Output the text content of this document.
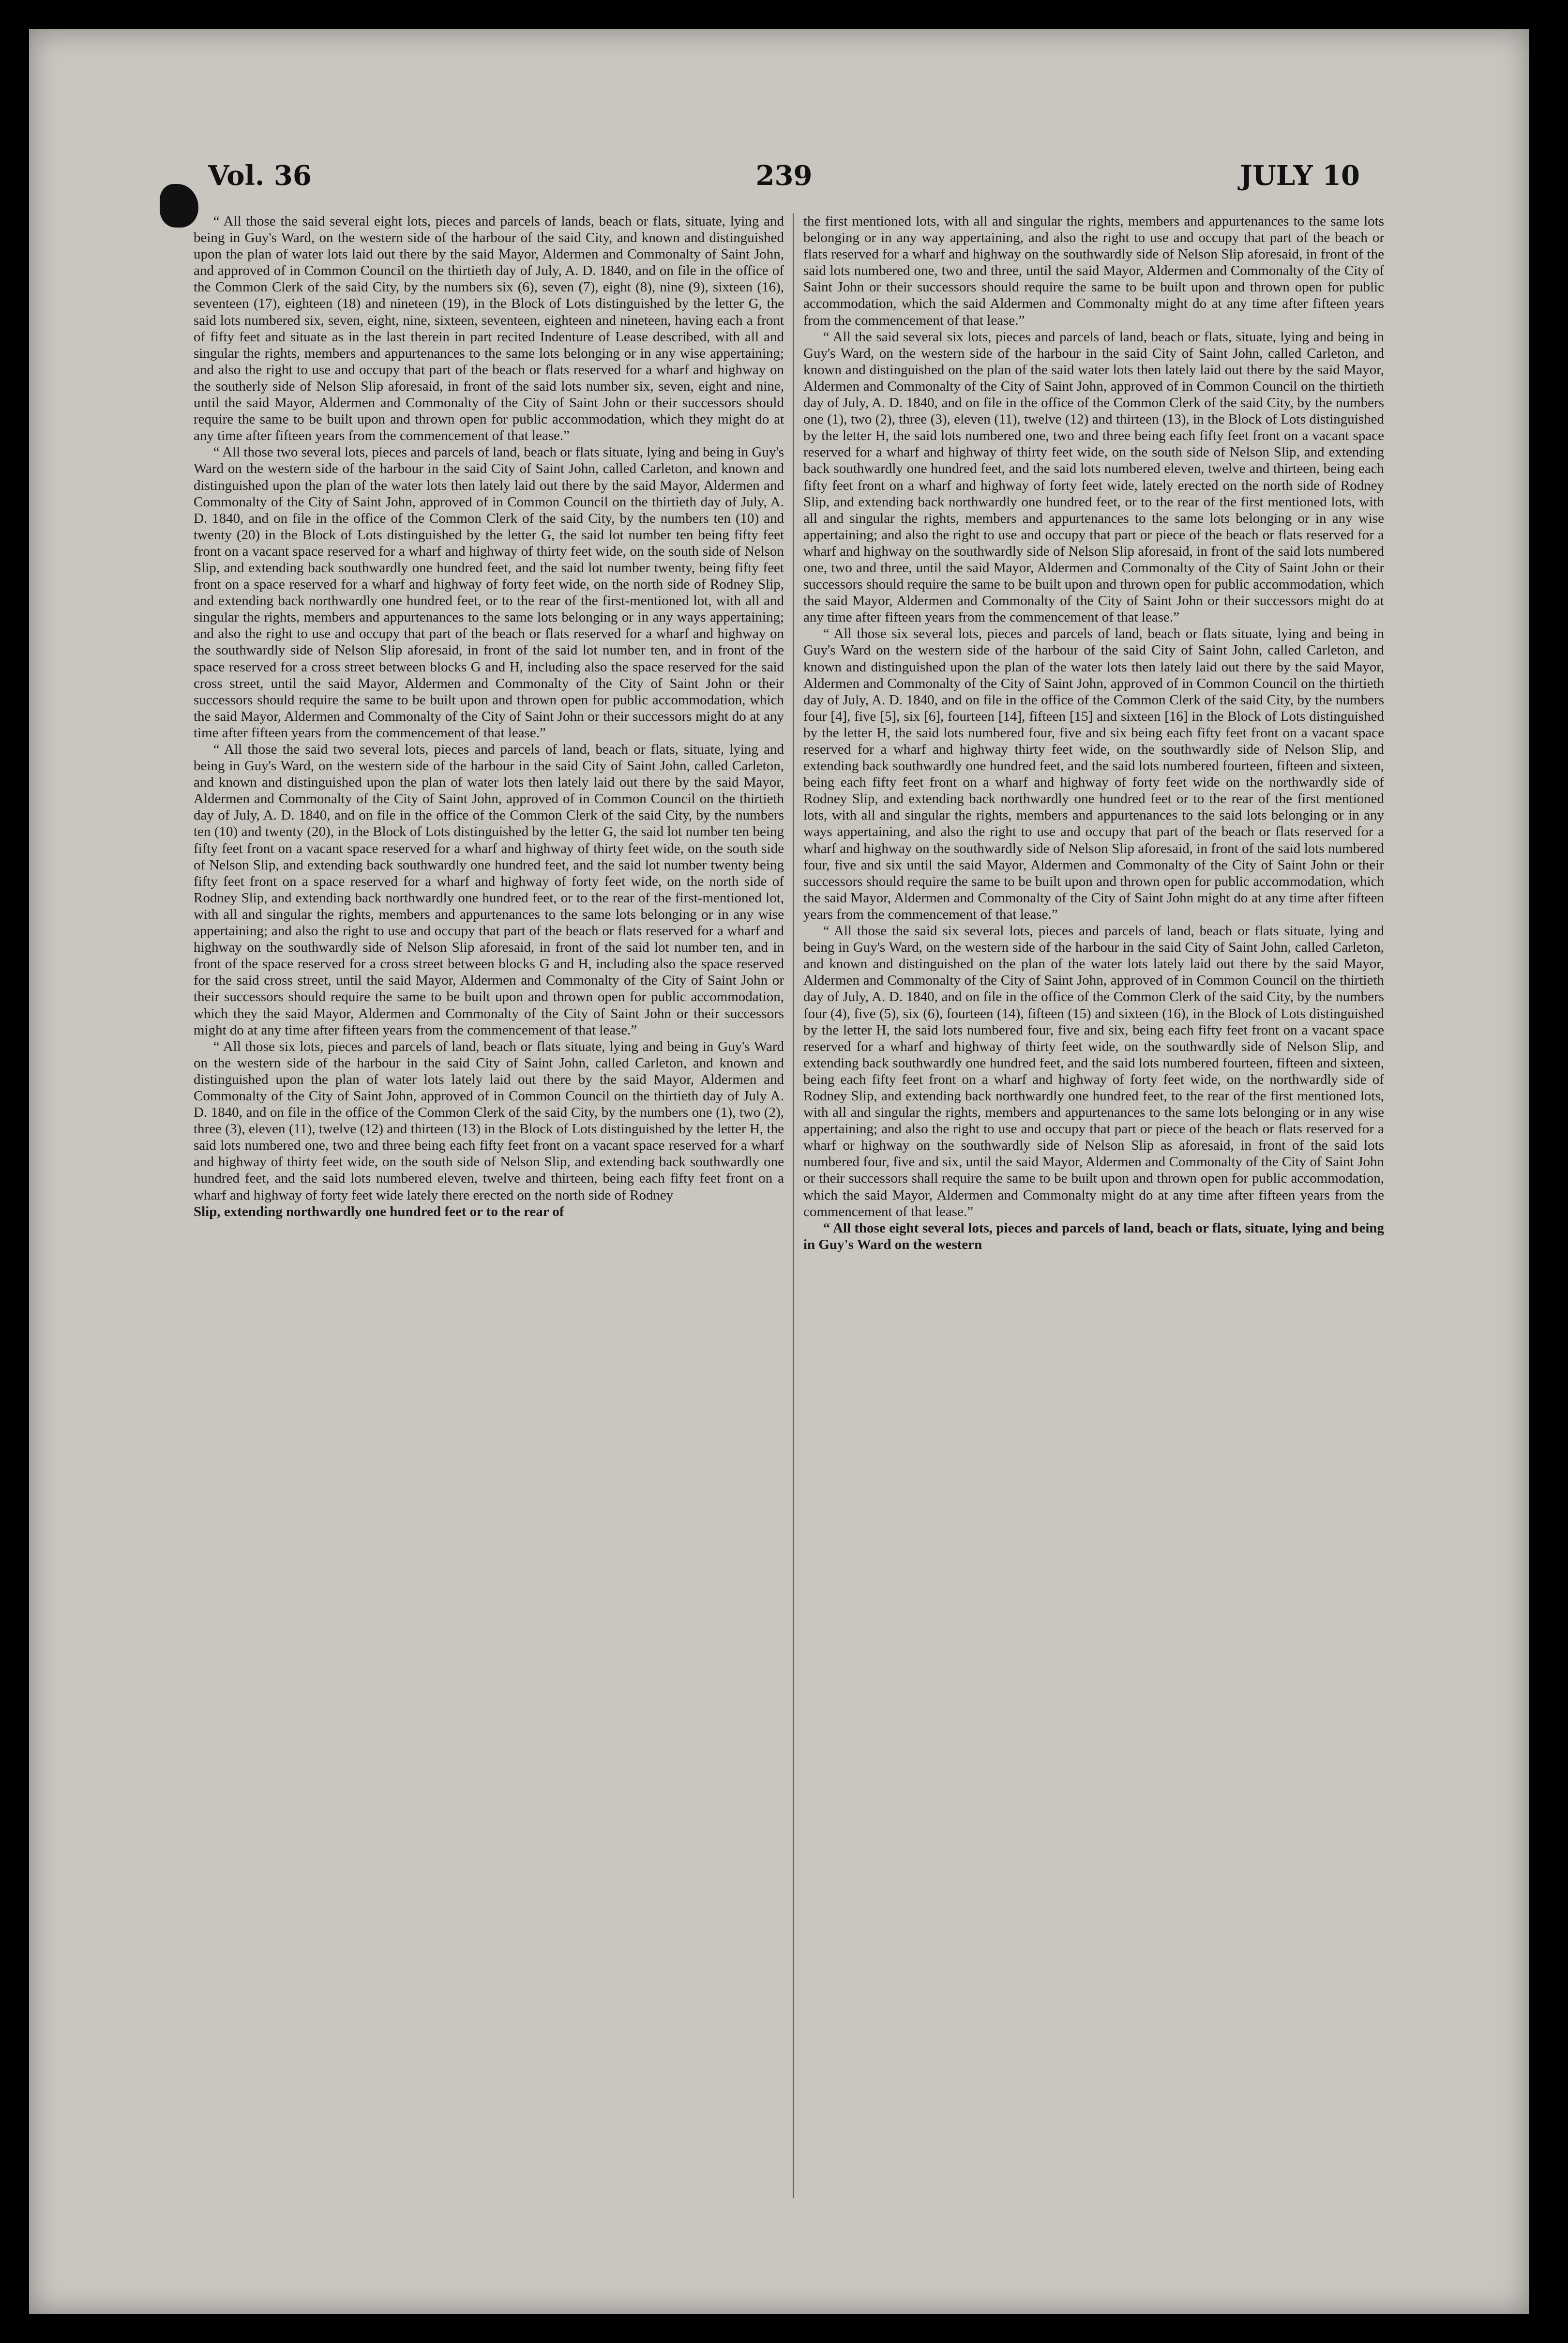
Vol. 36	239	JULY 10

“ All those the said several eight lots, pieces and parcels of lands, beach or flats, situate, lying and being in Guy's Ward, on the western side of the harbour of the said City, and known and distinguished upon the plan of water lots laid out there by the said Mayor, Aldermen and Commonalty of Saint John, and approved of in Common Council on the thirtieth day of July, A. D. 1840, and on file in the office of the Common Clerk of the said City, by the numbers six (6), seven (7), eight (8), nine (9), sixteen (16), seventeen (17), eighteen (18) and nineteen (19), in the Block of Lots distinguished by the letter G, the said lots numbered six, seven, eight, nine, sixteen, seventeen, eighteen and nineteen, having each a front of fifty feet and situate as in the last therein in part recited Indenture of Lease described, with all and singular the rights, members and appurtenances to the same lots belonging or in any wise appertaining; and also the right to use and occupy that part of the beach or flats reserved for a wharf and highway on the southerly side of Nelson Slip aforesaid, in front of the said lots number six, seven, eight and nine, until the said Mayor, Aldermen and Commonalty of the City of Saint John or their successors should require the same to be built upon and thrown open for public accommodation, which they might do at any time after fifteen years from the commencement of that lease.”

“ All those two several lots, pieces and parcels of land, beach or flats situate, lying and being in Guy's Ward on the western side of the harbour in the said City of Saint John, called Carleton, and known and distinguished upon the plan of the water lots then lately laid out there by the said Mayor, Aldermen and Commonalty of the City of Saint John, approved of in Common Council on the thirtieth day of July, A. D. 1840, and on file in the office of the Common Clerk of the said City, by the numbers ten (10) and twenty (20) in the Block of Lots distinguished by the letter G, the said lot number ten being fifty feet front on a vacant space reserved for a wharf and highway of thirty feet wide, on the south side of Nelson Slip, and extending back southwardly one hundred feet, and the said lot number twenty, being fifty feet front on a space reserved for a wharf and highway of forty feet wide, on the north side of Rodney Slip, and extending back northwardly one hundred feet, or to the rear of the first-mentioned lot, with all and singular the rights, members and appurtenances to the same lots belonging or in any ways appertaining; and also the right to use and occupy that part of the beach or flats reserved for a wharf and highway on the southwardly side of Nelson Slip aforesaid, in front of the said lot number ten, and in front of the space reserved for a cross street between blocks G and H, including also the space reserved for the said cross street, until the said Mayor, Aldermen and Commonalty of the City of Saint John or their successors should require the same to be built upon and thrown open for public accommodation, which the said Mayor, Aldermen and Commonalty of the City of Saint John or their successors might do at any time after fifteen years from the commencement of that lease.”

“ All those the said two several lots, pieces and parcels of land, beach or flats, situate, lying and being in Guy's Ward, on the western side of the harbour in the said City of Saint John, called Carleton, and known and distinguished upon the plan of water lots then lately laid out there by the said Mayor, Aldermen and Commonalty of the City of Saint John, approved of in Common Council on the thirtieth day of July, A. D. 1840, and on file in the office of the Common Clerk of the said City, by the numbers ten (10) and twenty (20), in the Block of Lots distinguished by the letter G, the said lot number ten being fifty feet front on a vacant space reserved for a wharf and highway of thirty feet wide, on the south side of Nelson Slip, and extending back southwardly one hundred feet, and the said lot number twenty being fifty feet front on a space reserved for a wharf and highway of forty feet wide, on the north side of Rodney Slip, and extending back northwardly one hundred feet, or to the rear of the first-mentioned lot, with all and singular the rights, members and appurtenances to the same lots belonging or in any wise appertaining; and also the right to use and occupy that part of the beach or flats reserved for a wharf and highway on the southwardly side of Nelson Slip aforesaid, in front of the said lot number ten, and in front of the space reserved for a cross street between blocks G and H, including also the space reserved for the said cross street, until the said Mayor, Aldermen and Commonalty of the City of Saint John or their successors should require the same to be built upon and thrown open for public accommodation, which they the said Mayor, Aldermen and Commonalty of the City of Saint John or their successors might do at any time after fifteen years from the commencement of that lease.”

“ All those six lots, pieces and parcels of land, beach or flats situate, lying and being in Guy's Ward on the western side of the harbour in the said City of Saint John, called Carleton, and known and distinguished upon the plan of water lots lately laid out there by the said Mayor, Aldermen and Commonalty of the City of Saint John, approved of in Common Council on the thirtieth day of July A. D. 1840, and on file in the office of the Common Clerk of the said City, by the numbers one (1), two (2), three (3), eleven (11), twelve (12) and thirteen (13) in the Block of Lots distinguished by the letter H, the said lots numbered one, two and three being each fifty feet front on a vacant space reserved for a wharf and highway of thirty feet wide, on the south side of Nelson Slip, and extending back southwardly one hundred feet, and the said lots numbered eleven, twelve and thirteen, being each fifty feet front on a wharf and highway of forty feet wide lately there erected on the north side of Rodney

Slip, extending northwardly one hundred feet or to the rear of

the first mentioned lots, with all and singular the rights, members and appurtenances to the same lots belonging or in any way appertaining, and also the right to use and occupy that part of the beach or flats reserved for a wharf and highway on the southwardly side of Nelson Slip aforesaid, in front of the said lots numbered one, two and three, until the said Mayor, Aldermen and Commonalty of the City of Saint John or their successors should require the same to be built upon and thrown open for public accommodation, which the said Aldermen and Commonalty might do at any time after fifteen years from the commencement of that lease.”

“ All the said several six lots, pieces and parcels of land, beach or flats, situate, lying and being in Guy's Ward, on the western side of the harbour in the said City of Saint John, called Carleton, and known and distinguished on the plan of the said water lots then lately laid out there by the said Mayor, Aldermen and Commonalty of the City of Saint John, approved of in Common Council on the thirtieth day of July, A. D. 1840, and on file in the office of the Common Clerk of the said City, by the numbers one (1), two (2), three (3), eleven (11), twelve (12) and thirteen (13), in the Block of Lots distinguished by the letter H, the said lots numbered one, two and three being each fifty feet front on a vacant space reserved for a wharf and highway of thirty feet wide, on the south side of Nelson Slip, and extending back southwardly one hundred feet, and the said lots numbered eleven, twelve and thirteen, being each fifty feet front on a wharf and highway of forty feet wide, lately erected on the north side of Rodney Slip, and extending back northwardly one hundred feet, or to the rear of the first mentioned lots, with all and singular the rights, members and appurtenances to the same lots belonging or in any wise appertaining; and also the right to use and occupy that part or piece of the beach or flats reserved for a wharf and highway on the southwardly side of Nelson Slip aforesaid, in front of the said lots numbered one, two and three, until the said Mayor, Aldermen and Commonalty of the City of Saint John or their successors should require the same to be built upon and thrown open for public accommodation, which the said Mayor, Aldermen and Commonalty of the City of Saint John or their successors might do at any time after fifteen years from the commencement of that lease.”

“ All those six several lots, pieces and parcels of land, beach or flats situate, lying and being in Guy's Ward on the western side of the harbour of the said City of Saint John, called Carleton, and known and distinguished upon the plan of the water lots then lately laid out there by the said Mayor, Aldermen and Commonalty of the City of Saint John, approved of in Common Council on the thirtieth day of July, A. D. 1840, and on file in the office of the Common Clerk of the said City, by the numbers four [4], five [5], six [6], fourteen [14], fifteen [15] and sixteen [16] in the Block of Lots distinguished by the letter H, the said lots numbered four, five and six being each fifty feet front on a vacant space reserved for a wharf and highway thirty feet wide, on the southwardly side of Nelson Slip, and extending back southwardly one hundred feet, and the said lots numbered fourteen, fifteen and sixteen, being each fifty feet front on a wharf and highway of forty feet wide on the northwardly side of Rodney Slip, and extending back northwardly one hundred feet or to the rear of the first mentioned lots, with all and singular the rights, members and appurtenances to the said lots belonging or in any ways appertaining, and also the right to use and occupy that part of the beach or flats reserved for a wharf and highway on the southwardly side of Nelson Slip aforesaid, in front of the said lots numbered four, five and six until the said Mayor, Aldermen and Commonalty of the City of Saint John or their successors should require the same to be built upon and thrown open for public accommodation, which the said Mayor, Aldermen and Commonalty of the City of Saint John might do at any time after fifteen years from the commencement of that lease.”

“ All those the said six several lots, pieces and parcels of land, beach or flats situate, lying and being in Guy's Ward, on the western side of the harbour in the said City of Saint John, called Carleton, and known and distinguished on the plan of the water lots lately laid out there by the said Mayor, Aldermen and Commonalty of the City of Saint John, approved of in Common Council on the thirtieth day of July, A. D. 1840, and on file in the office of the Common Clerk of the said City, by the numbers four (4), five (5), six (6), fourteen (14), fifteen (15) and sixteen (16), in the Block of Lots distinguished by the letter H, the said lots numbered four, five and six, being each fifty feet front on a vacant space reserved for a wharf and highway of thirty feet wide, on the southwardly side of Nelson Slip, and extending back southwardly one hundred feet, and the said lots numbered fourteen, fifteen and sixteen, being each fifty feet front on a wharf and highway of forty feet wide, on the northwardly side of Rodney Slip, and extending back northwardly one hundred feet, to the rear of the first mentioned lots, with all and singular the rights, members and appurtenances to the same lots belonging or in any wise appertaining; and also the right to use and occupy that part or piece of the beach or flats reserved for a wharf or highway on the southwardly side of Nelson Slip as aforesaid, in front of the said lots numbered four, five and six, until the said Mayor, Aldermen and Commonalty of the City of Saint John or their successors shall require the same to be built upon and thrown open for public accommodation, which the said Mayor, Aldermen and Commonalty might do at any time after fifteen years from the commencement of that lease.”

“ All those eight several lots, pieces and parcels of land, beach or flats, situate, lying and being in Guy's Ward on the western
